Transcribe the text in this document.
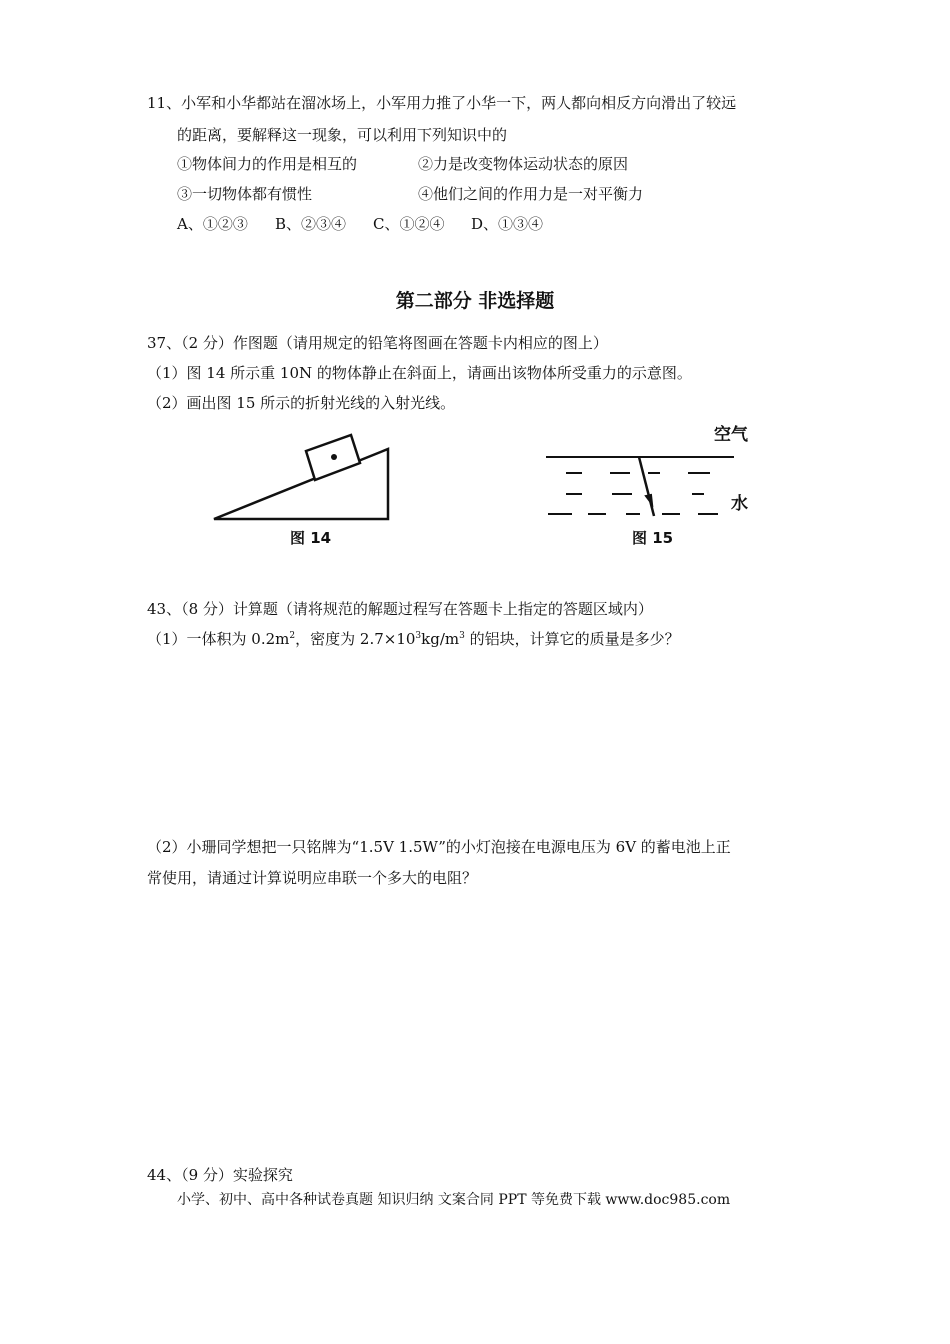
11、小军和小华都站在溜冰场上，小军用力推了小华一下，两人都向相反方向滑出了较远
的距离，要解释这一现象，可以利用下列知识中的
①物体间力的作用是相互的	②力是改变物体运动状态的原因
③一切物体都有惯性	④他们之间的作用力是一对平衡力
A、①②③ B、②③④ C、①②④ D、①③④
第二部分 非选择题
37、（2 分）作图题（请用规定的铅笔将图画在答题卡内相应的图上）
（1）图 14 所示重 10N 的物体静止在斜面上，请画出该物体所受重力的示意图。
（2）画出图 15 所示的折射光线的入射光线。
图 14
空气
水
图 15
43、（8 分）计算题（请将规范的解题过程写在答题卡上指定的答题区域内）
（1）一体积为 $0.2m^2$，密度为 $2.7\times 10^3kg/m^3$ 的铝块，计算它的质量是多少？
（2）小珊同学想把一只铭牌为“1.5V 1.5W”的小灯泡接在电源电压为 6V 的蓄电池上正
常使用，请通过计算说明应串联一个多大的电阻？
44、（9 分）实验探究
小学、初中、高中各种试卷真题 知识归纳 文案合同 PPT 等免费下载 www.doc985.com
